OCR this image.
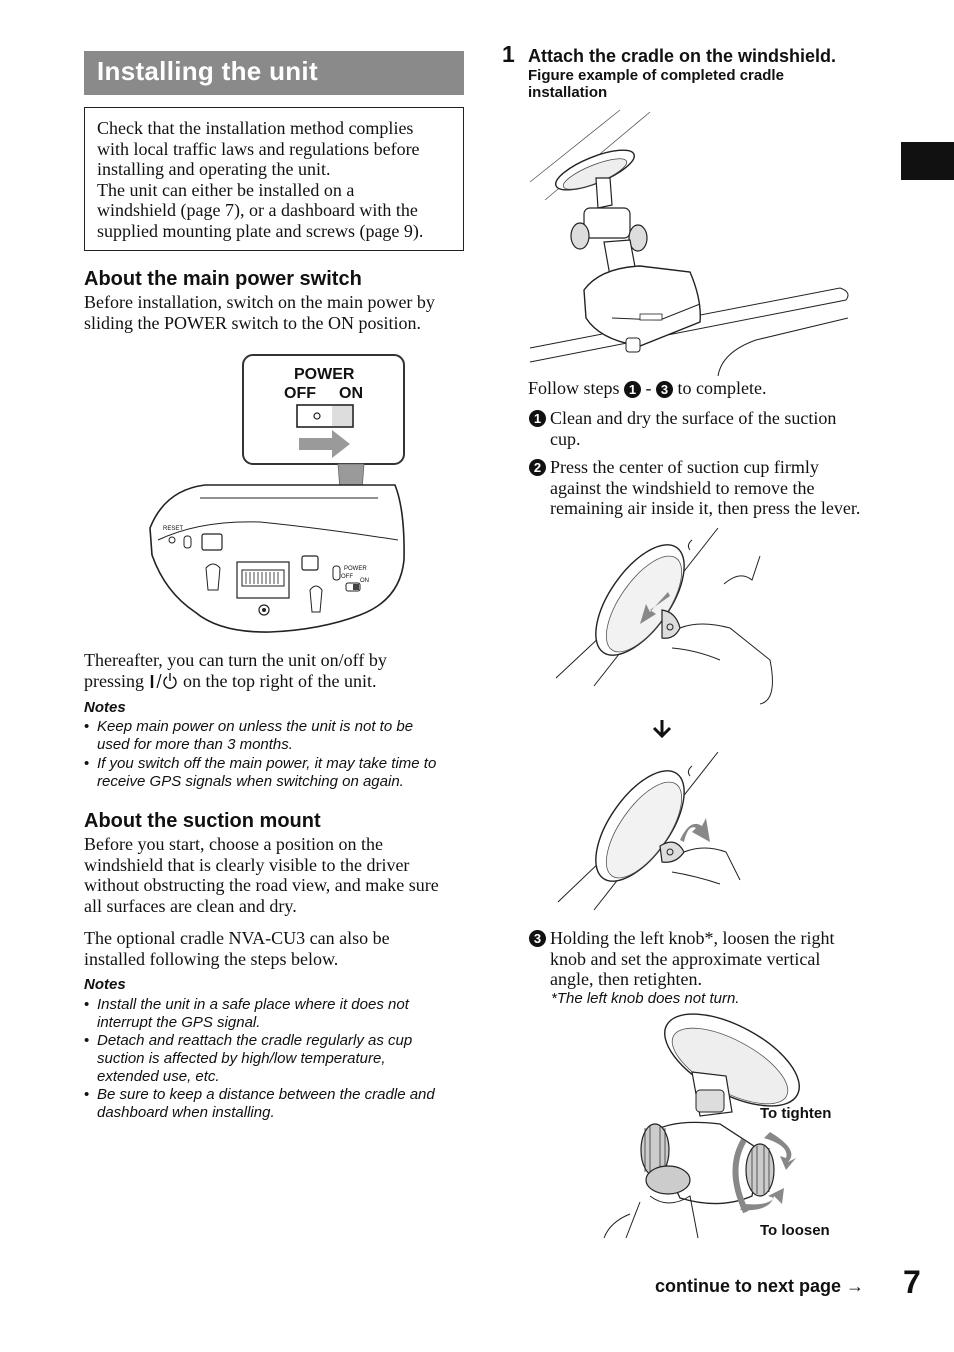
Installing the unit
Check that the installation method complies
with local traffic laws and regulations before
installing and operating the unit.
The unit can either be installed on a
windshield (page 7), or a dashboard with the
supplied mounting plate and screws (page 9).
About the main power switch
Before installation, switch on the main power by
sliding the POWER switch to the ON position.
POWER
OFF ON
RESET
POWER
OFF
ON
Thereafter, you can turn the unit on/off by
pressing  on the top right of the unit.
Notes
• Keep main power on unless the unit is not to be
used for more than 3 months.
• If you switch off the main power, it may take time to
receive GPS signals when switching on again.
About the suction mount
Before you start, choose a position on the
windshield that is clearly visible to the driver
without obstructing the road view, and make sure
all surfaces are clean and dry.
The optional cradle NVA-CU3 can also be
installed following the steps below.
Notes
• Install the unit in a safe place where it does not
interrupt the GPS signal.
• Detach and reattach the cradle regularly as cup
suction is affected by high/low temperature,
extended use, etc.
• Be sure to keep a distance between the cradle and
dashboard when installing.
1 Attach the cradle on the windshield.
Figure example of completed cradle
installation
Follow steps 1 - 3 to complete.
1 Clean and dry the surface of the suction
cup.
2 Press the center of suction cup firmly
against the windshield to remove the
remaining air inside it, then press the lever.
3 Holding the left knob*, loosen the right
knob and set the approximate vertical
angle, then retighten.
*The left knob does not turn.
To tighten
To loosen
continue to next page → 7
